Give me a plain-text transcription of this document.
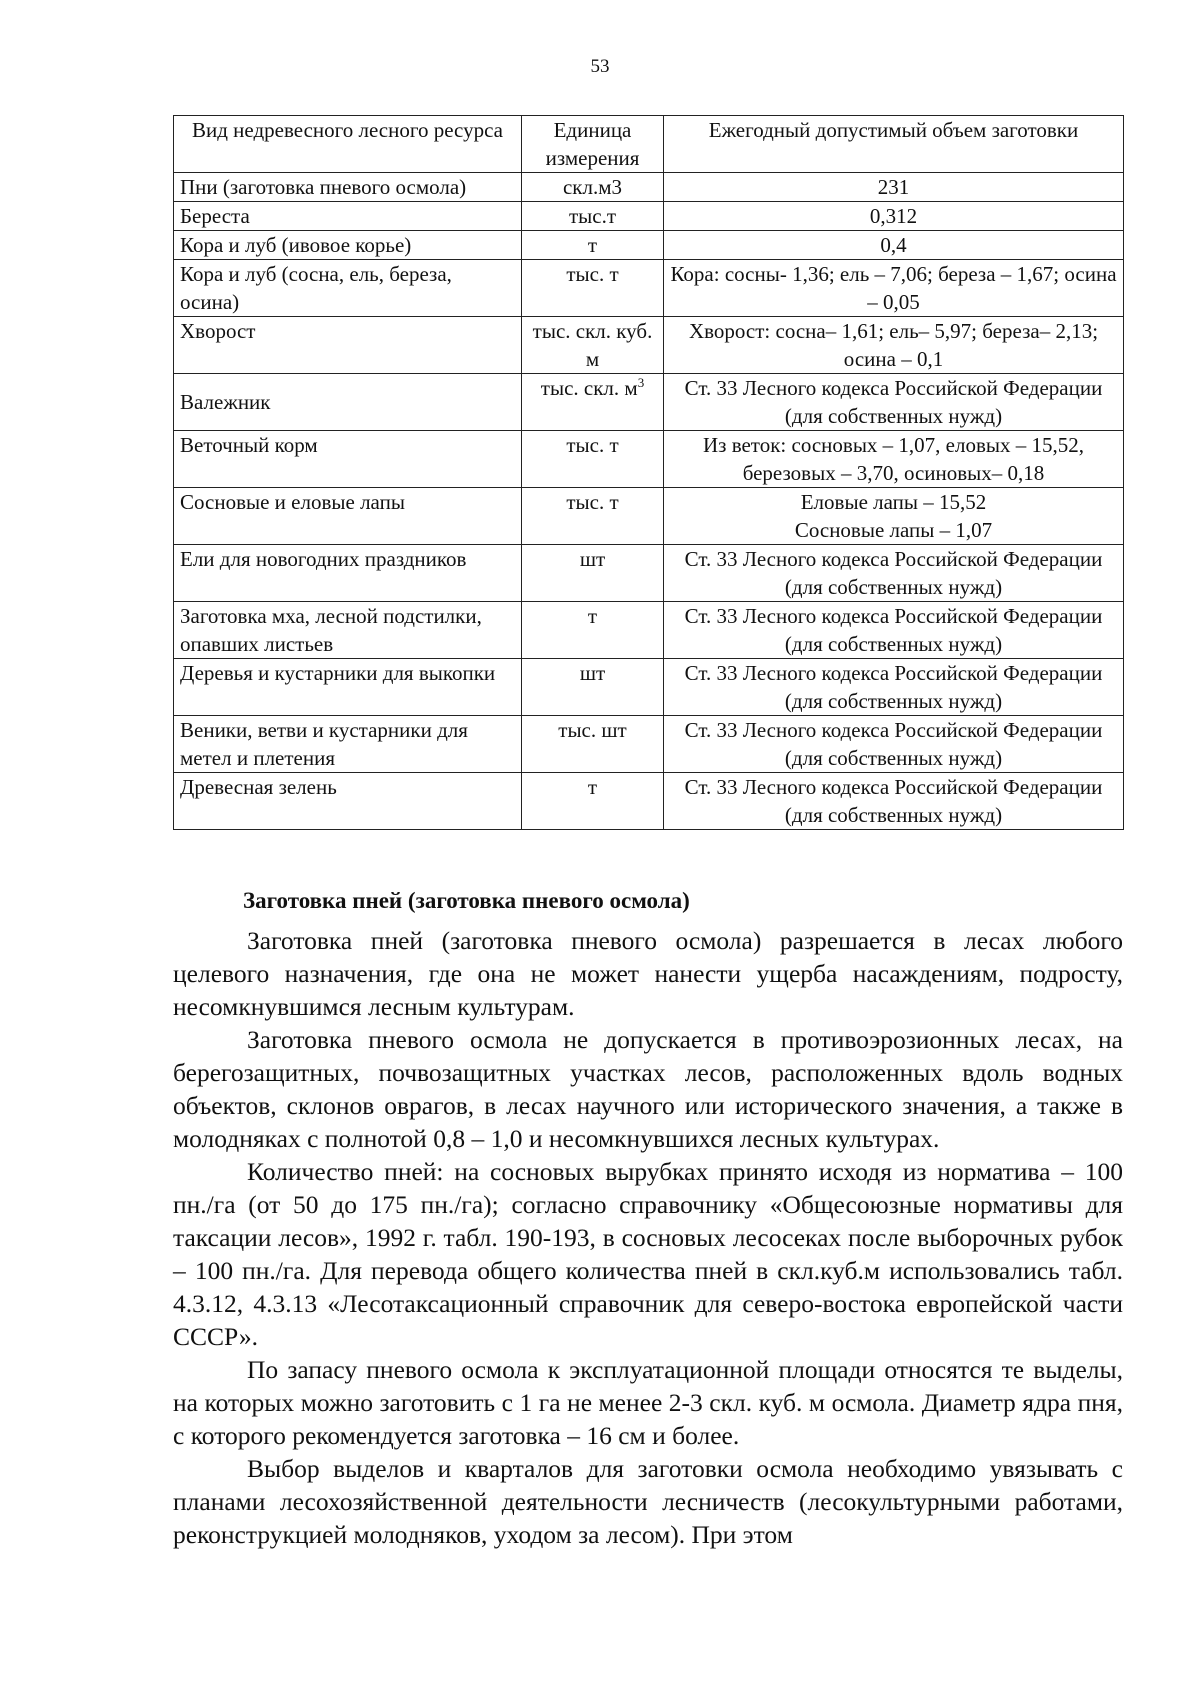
53
Вид недревесного лесного ресурса	Единица измерения	Ежегодный допустимый объем заготовки
Пни (заготовка пневого осмола)	скл.м3	231
Береста	тыс.т	0,312
Кора и луб (ивовое корье)	т	0,4
Кора и луб (сосна, ель, береза, осина)	тыс. т	Кора: сосны- 1,36; ель – 7,06; береза – 1,67; осина – 0,05
Хворост	тыс. скл. куб. м	Хворост: сосна– 1,61; ель– 5,97; береза– 2,13; осина – 0,1
Валежник	тыс. скл. $м^3$	Ст. 33 Лесного кодекса Российской Федерации (для собственных нужд)
Веточный корм	тыс. т	Из веток: сосновых – 1,07, еловых – 15,52, березовых – 3,70, осиновых– 0,18
Сосновые и еловые лапы	тыс. т	Еловые лапы – 15,52
Сосновые лапы – 1,07

Ели для новогодних праздников	шт	Ст. 33 Лесного кодекса Российской Федерации (для собственных нужд)
Заготовка мха, лесной подстилки, опавших листьев	т	Ст. 33 Лесного кодекса Российской Федерации (для собственных нужд)
Деревья и кустарники для выкопки	шт	Ст. 33 Лесного кодекса Российской Федерации (для собственных нужд)
Веники, ветви и кустарники для метел и плетения	тыс. шт	Ст. 33 Лесного кодекса Российской Федерации (для собственных нужд)
Древесная зелень	т	Ст. 33 Лесного кодекса Российской Федерации (для собственных нужд)
Заготовка пней (заготовка пневого осмола)

Заготовка пней (заготовка пневого осмола) разрешается в лесах любого целевого назначения, где она не может нанести ущерба насаждениям, подросту, несомкнувшимся лесным культурам.

Заготовка пневого осмола не допускается в противоэрозионных лесах, на берегозащитных, почвозащитных участках лесов, расположенных вдоль водных объектов, склонов оврагов, в лесах научного или исторического значения, а также в молодняках с полнотой 0,8 – 1,0 и несомкнувшихся лесных культурах.

Количество пней: на сосновых вырубках принято исходя из норматива – 100 пн./га (от 50 до 175 пн./га); согласно справочнику «Общесоюзные нормативы для таксации лесов», 1992 г. табл. 190-193, в сосновых лесосеках после выборочных рубок – 100 пн./га. Для перевода общего количества пней в скл.куб.м использовались табл. 4.3.12, 4.3.13 «Лесотаксационный справочник для северо-востока европейской части СССР».

По запасу пневого осмола к эксплуатационной площади относятся те выделы, на которых можно заготовить с 1 га не менее 2-3 скл. куб. м осмола. Диаметр ядра пня, с которого рекомендуется заготовка – 16 см и более.

Выбор выделов и кварталов для заготовки осмола необходимо увязывать с планами лесохозяйственной деятельности лесничеств (лесокультурными работами, реконструкцией молодняков, уходом за лесом). При этом
